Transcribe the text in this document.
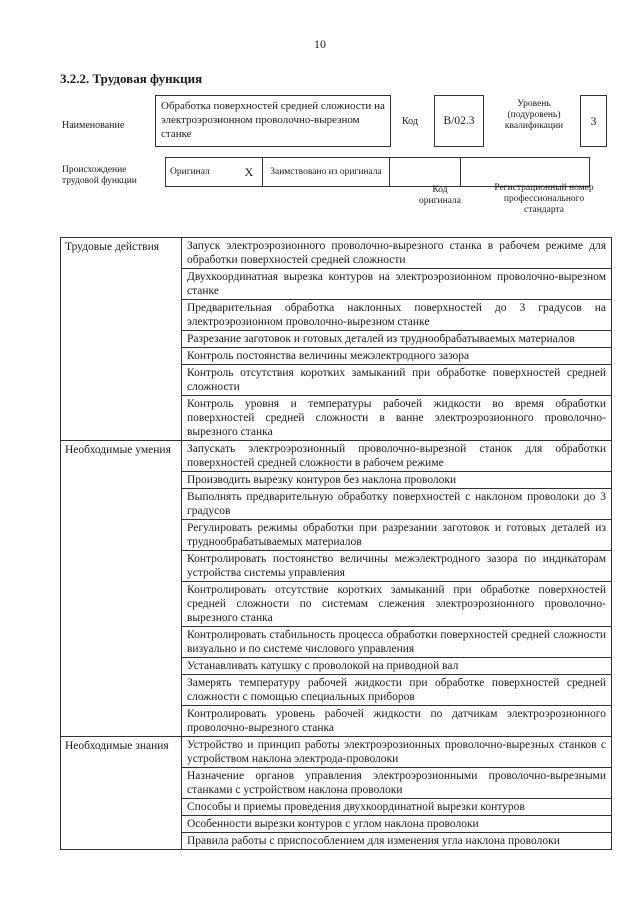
10
3.2.2. Трудовая функция
Наименование
Обработка поверхностей средней сложности на электроэрозионном проволочно-вырезном станке
Код	В/02.3
Уровень (подуровень) квалификации	3
Происхождение трудовой функции
Оригинал	X	Заимствовано из оригинала		
Код оригинала
Регистрационный номер профессионального стандарта
Трудовые действия	Запуск электроэрозионного проволочно-вырезного станка в рабочем режиме для обработки поверхностей средней сложности
	Двухкоординатная вырезка контуров на электроэрозионном проволочно-вырезном станке
	Предварительная обработка наклонных поверхностей до 3 градусов на электроэрозионном проволочно-вырезном станке
	Разрезание заготовок и готовых деталей из труднообрабатываемых материалов
	Контроль постоянства величины межэлектродного зазора
	Контроль отсутствия коротких замыканий при обработке поверхностей средней сложности
	Контроль уровня и температуры рабочей жидкости во время обработки поверхностей средней сложности в ванне электроэрозионного проволочно-вырезного станка
Необходимые умения	Запускать электроэрозионный проволочно-вырезной станок для обработки поверхностей средней сложности в рабочем режиме
	Производить вырезку контуров без наклона проволоки
	Выполнять предварительную обработку поверхностей с наклоном проволоки до 3 градусов
	Регулировать режимы обработки при разрезании заготовок и готовых деталей из труднообрабатываемых материалов
	Контролировать постоянство величины межэлектродного зазора по индикаторам устройства системы управления
	Контролировать отсутствие коротких замыканий при обработке поверхностей средней сложности по системам слежения электроэрозионного проволочно-вырезного станка
	Контролировать стабильность процесса обработки поверхностей средней сложности визуально и по системе числового управления
	Устанавливать катушку с проволокой на приводной вал
	Замерять температуру рабочей жидкости при обработке поверхностей средней сложности с помощью специальных приборов
	Контролировать уровень рабочей жидкости по датчикам электроэрозионного проволочно-вырезного станка
Необходимые знания	Устройство и принцип работы электроэрозионных проволочно-вырезных станков с устройством наклона электрода-проволоки
	Назначение органов управления электроэрозионными проволочно-вырезными станками с устройством наклона проволоки
	Способы и приемы проведения двухкоординатной вырезки контуров
	Особенности вырезки контуров с углом наклона проволоки
	Правила работы с приспособлением для изменения угла наклона проволоки
